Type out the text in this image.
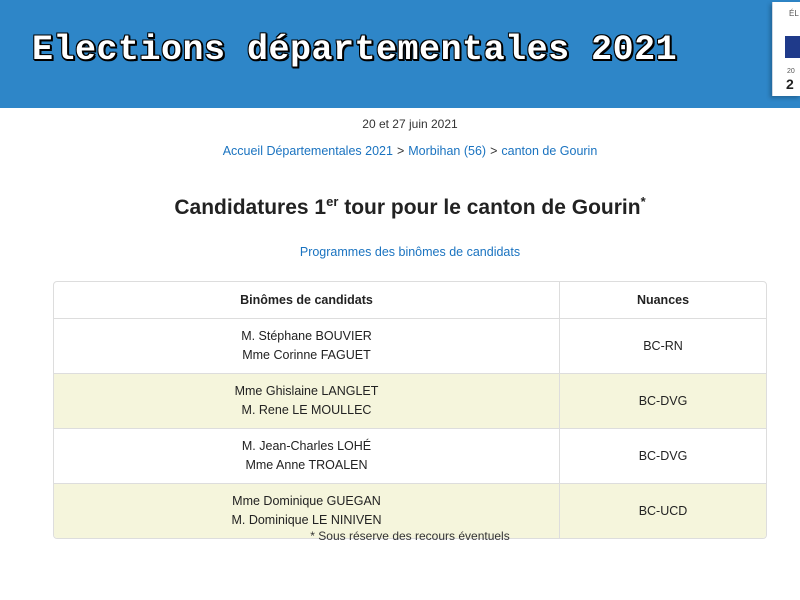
Elections départementales 2021
ÉL
20
2
20 et 27 juin 2021
Accueil Départementales 2021 > Morbihan (56) > canton de Gourin
Candidatures 1er tour pour le canton de Gourin*
Programmes des binômes de candidats
Binômes de candidats	Nuances

M. Stéphane BOUVIER
Mme Corinne FAGUET	BC-RN

Mme Ghislaine LANGLET
M. Rene LE MOULLEC	BC-DVG

M. Jean-Charles LOHÉ
Mme Anne TROALEN	BC-DVG

Mme Dominique GUEGAN
M. Dominique LE NINIVEN	BC-UCD
* Sous réserve des recours éventuels
